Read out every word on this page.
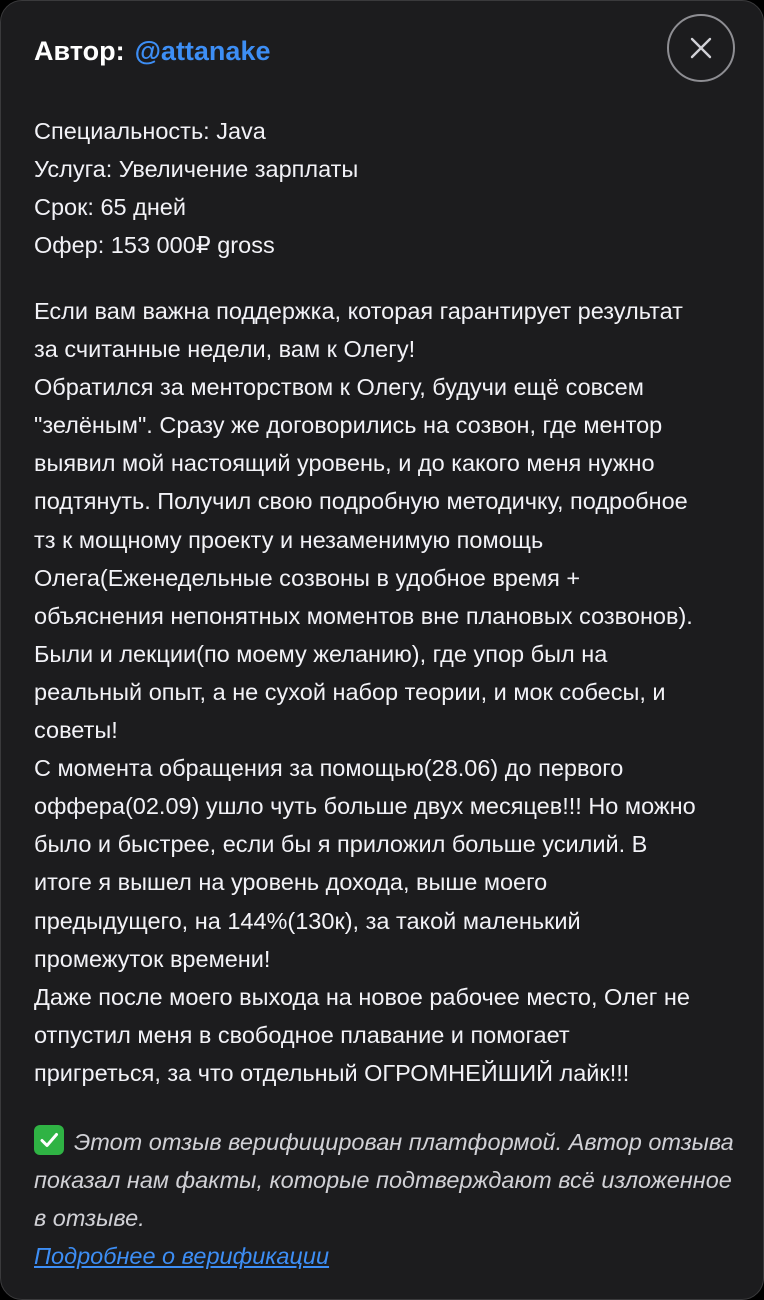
Автор: @attanake
Специальность: Java
Услуга: Увеличение зарплаты
Срок: 65 дней
Офер: 153 000₽ gross
Если вам важна поддержка, которая гарантирует результат
за считанные недели, вам к Олегу!
Обратился за менторством к Олегу, будучи ещё совсем
"зелёным". Сразу же договорились на созвон, где ментор
выявил мой настоящий уровень, и до какого меня нужно
подтянуть. Получил свою подробную методичку, подробное
тз к мощному проекту и незаменимую помощь
Олега(Еженедельные созвоны в удобное время +
объяснения непонятных моментов вне плановых созвонов).
Были и лекции(по моему желанию), где упор был на
реальный опыт, а не сухой набор теории, и мок собесы, и
советы!
С момента обращения за помощью(28.06) до первого
оффера(02.09) ушло чуть больше двух месяцев!!! Но можно
было и быстрее, если бы я приложил больше усилий. В
итоге я вышел на уровень дохода, выше моего
предыдущего, на 144%(130к), за такой маленький
промежуток времени!
Даже после моего выхода на новое рабочее место, Олег не
отпустил меня в свободное плавание и помогает
пригреться, за что отдельный ОГРОМНЕЙШИЙ лайк!!!
Этот отзыв верифицирован платформой. Автор отзыва
показал нам факты, которые подтверждают всё изложенное
в отзыве.
Подробнее о верификации
